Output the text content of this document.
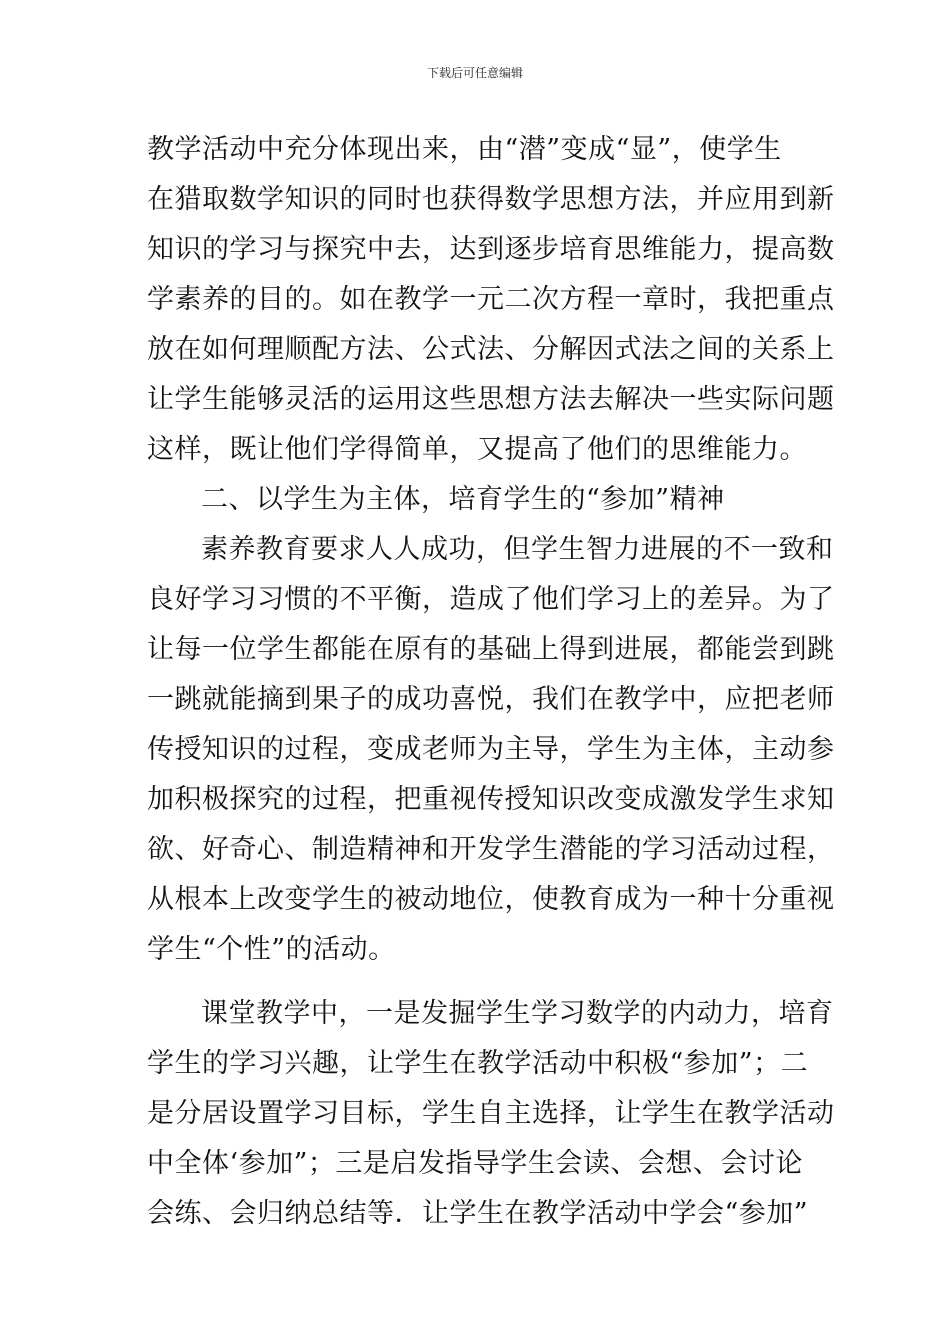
下载后可任意编辑
教学活动中充分体现出来，由“潜”变成“显”，使学生
在猎取数学知识的同时也获得数学思想方法，并应用到新
知识的学习与探究中去，达到逐步培育思维能力，提高数
学素养的目的。如在教学一元二次方程一章时，我把重点
放在如何理顺配方法、公式法、分解因式法之间的关系上
让学生能够灵活的运用这些思想方法去解决一些实际问题
这样，既让他们学得简单，又提高了他们的思维能力。
二、以学生为主体，培育学生的“参加”精神
素养教育要求人人成功，但学生智力进展的不一致和
良好学习习惯的不平衡，造成了他们学习上的差异。为了
让每一位学生都能在原有的基础上得到进展，都能尝到跳
一跳就能摘到果子的成功喜悦，我们在教学中，应把老师
传授知识的过程，变成老师为主导，学生为主体，主动参
加积极探究的过程，把重视传授知识改变成激发学生求知
欲、好奇心、制造精神和开发学生潜能的学习活动过程，
从根本上改变学生的被动地位，使教育成为一种十分重视
学生“个性”的活动。
课堂教学中，一是发掘学生学习数学的内动力，培育
学生的学习兴趣，让学生在教学活动中积极“参加”；二
是分居设置学习目标，学生自主选择，让学生在教学活动
中全体‘参加”；三是启发指导学生会读、会想、会讨论
会练、会归纳总结等．让学生在教学活动中学会“参加”
